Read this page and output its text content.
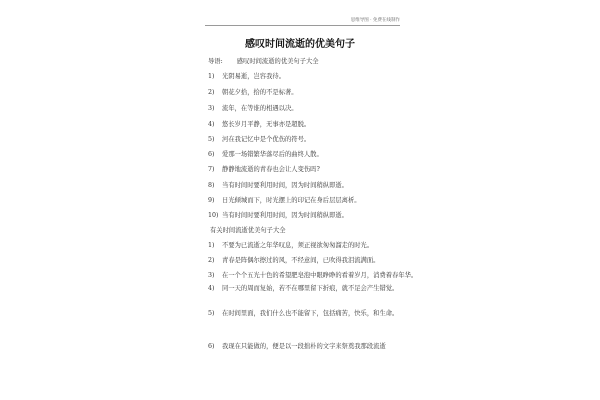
思维导图 · 免费在线制作
感叹时间流逝的优美句子
导语: 感叹时间流逝的优美句子大全
1) 光阴易逝，岂容我待。
2) 朝花夕拾，拾的不是标著。
3) 流年，在等谁的相遇以决。
4) 悠长岁月平静，无事亦是超脱。
5) 河在我记忆中是个优伤的符号。
6) 爱那一场错繁华落尽后的曲终人散。
7) 静静地流逝的青春也会让人变伤吗?
8) 当有时间时要利用时间，因为时间稍纵即逝。
9) 日光倾城而下，时光摆上的印记在身后层层离析。
10) 当有时间时要利用时间，因为时间稍纵即逝。
有关时间流逝优美句子大全
1) 不要为已流逝之年华叹息，须正视欲匆匆溜走的时光。
2) 青春是阵偶尔擦过的风，不经意间，已吹得我泪流满面。
3) 在一个个五光十色的希望肥皂泡中眼睁睁的看着岁月，消费着春年华。
4) 同一天的周而复始，若不在哪里留下折痕，就不足会产生错觉。
5) 在时间里面，我们什么也不能留下，包括痛苦，快乐，和生命。
6) 我现在只能做的，便是以一段拙朴的文字来祭奠我那段流逝
